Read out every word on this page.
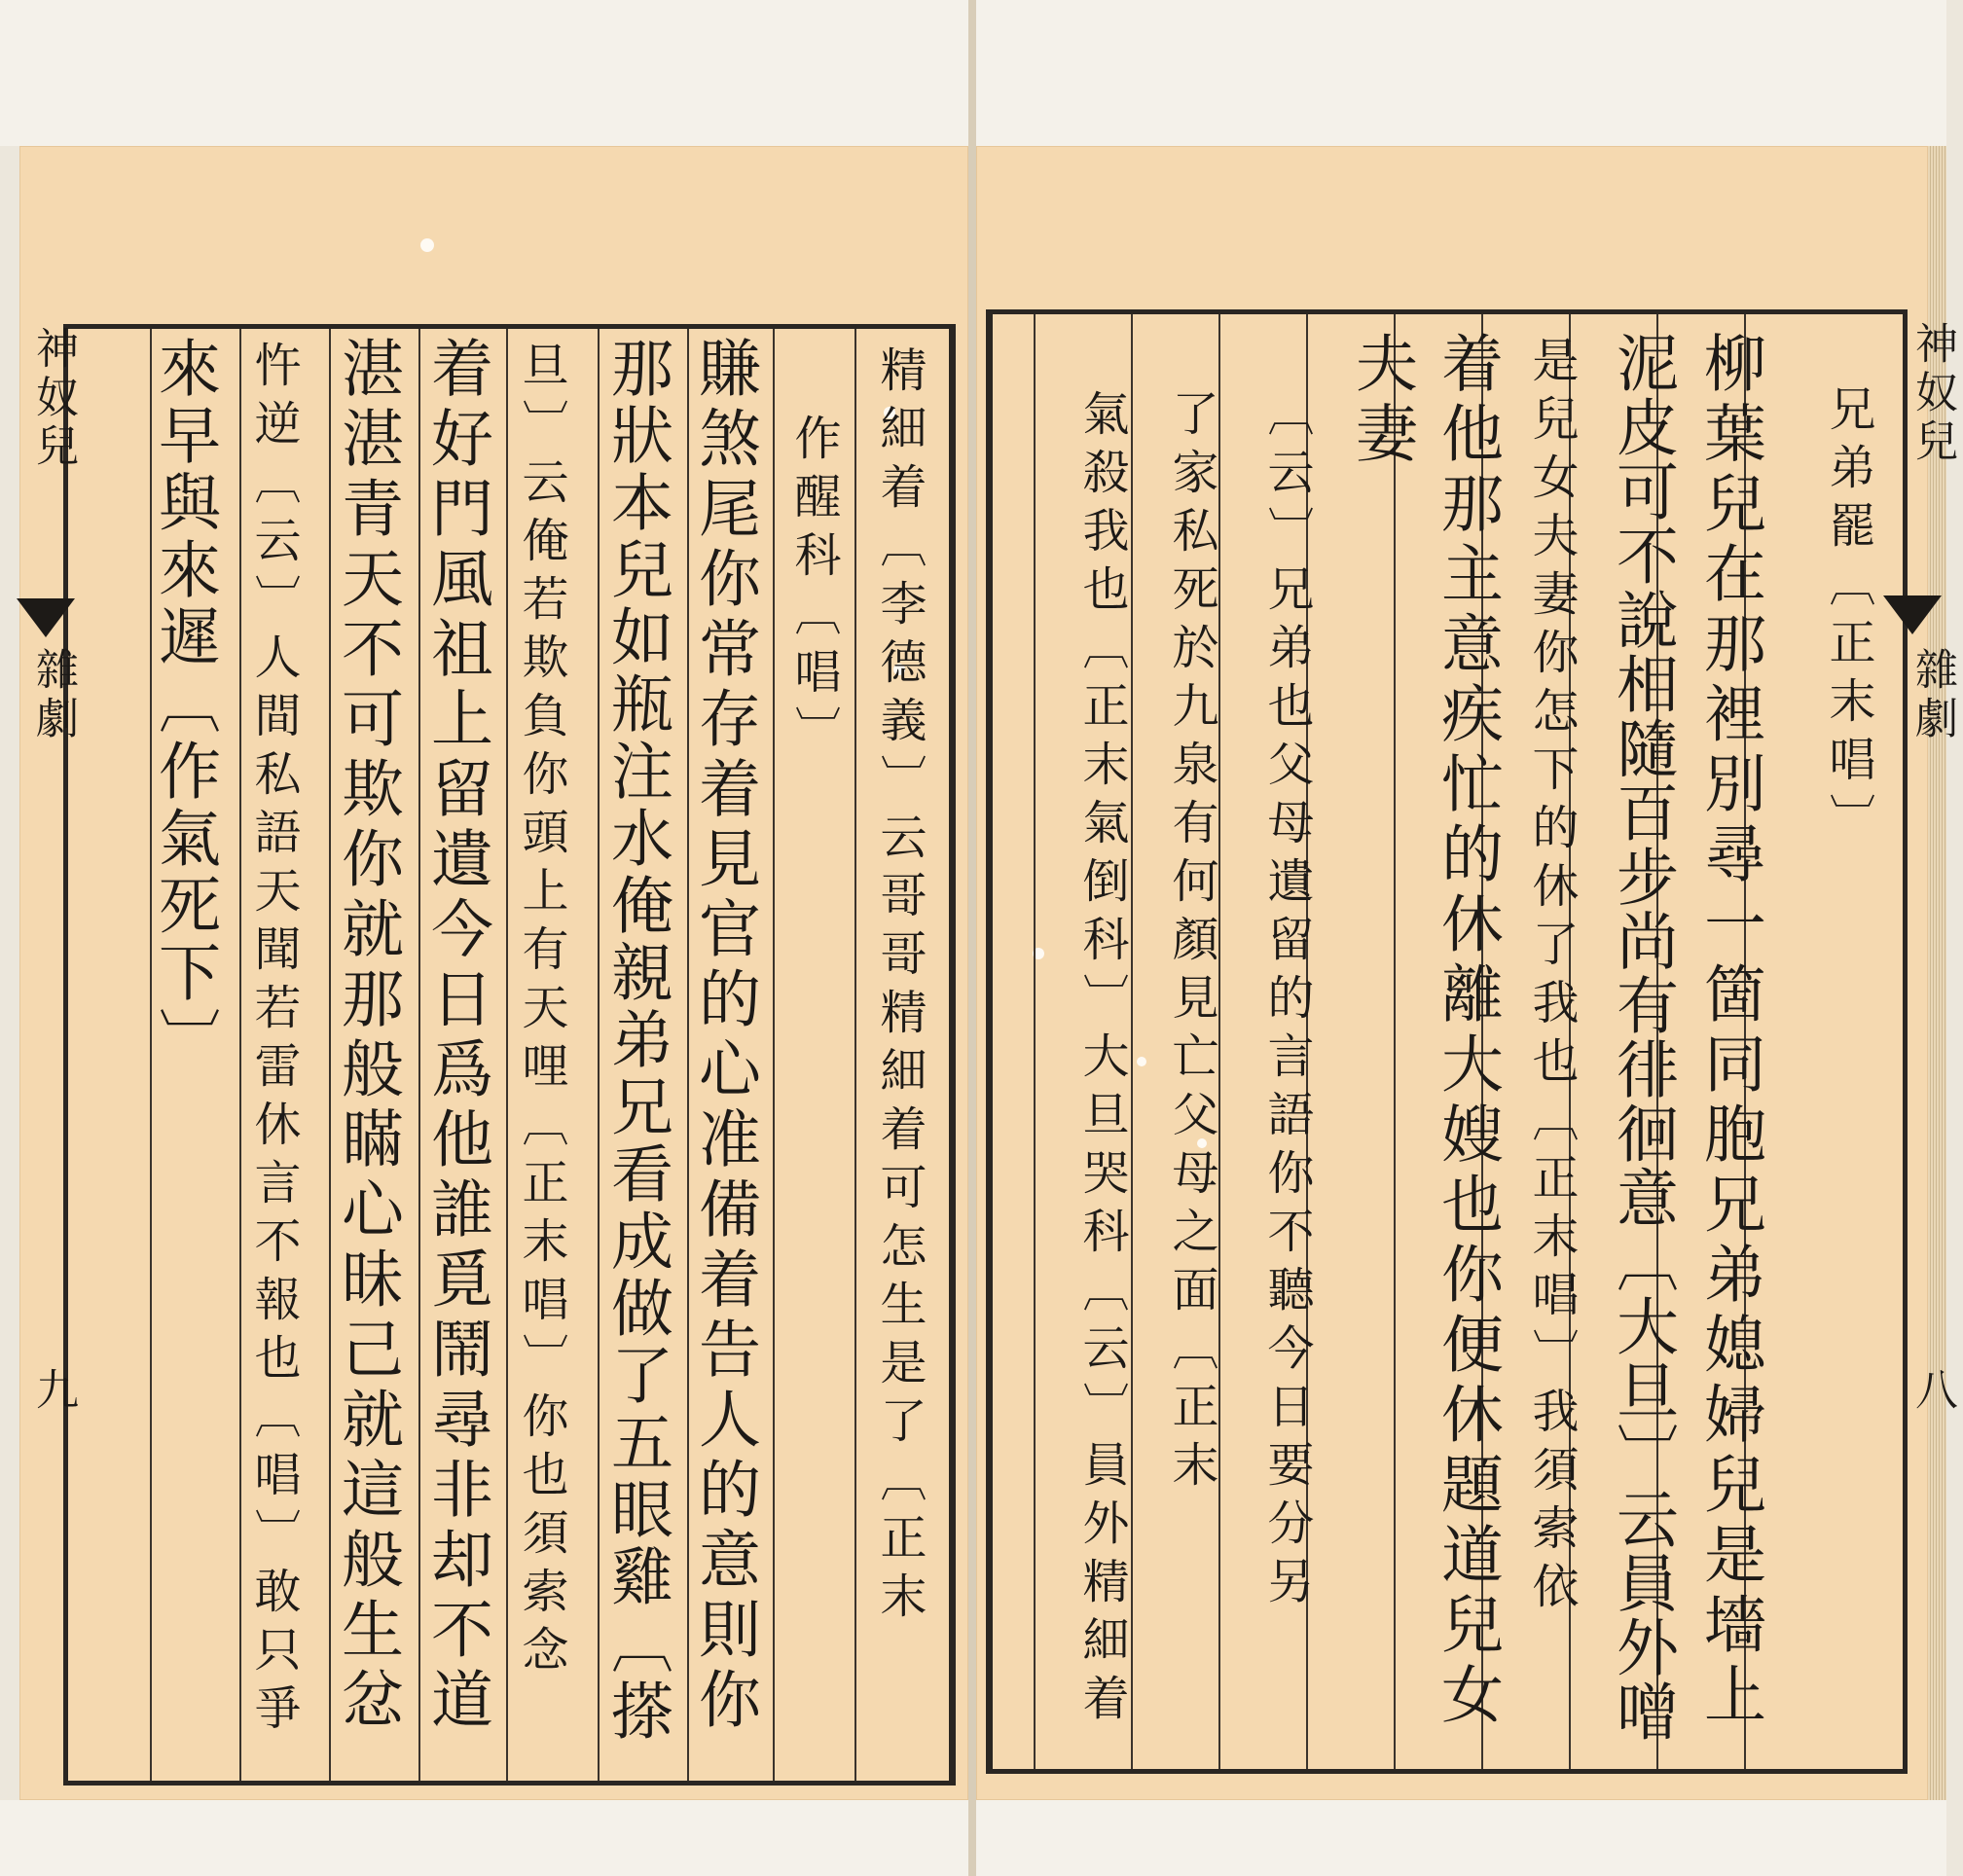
精細着〔李德義〕云哥哥精細着可怎生是了〔正末
作醒科〔唱〕
賺煞尾你常存着見官的心准備着告人的意則你
那狀本兒如瓶注水俺親弟兄看成做了五眼雞〔搽
旦〕云俺若欺負你頭上有天哩〔正末唱〕你也須索念
着好門風祖上留遺今日爲他誰覓鬧尋非却不道
湛湛青天不可欺你就那般瞞心昧己就這般生忿
忤逆〔云〕人間私語天聞若雷休言不報也〔唱〕敢只爭
來早與來遲〔作氣死下〕
神奴兒
雜劇
九
兄弟罷〔正末唱〕
柳葉兒在那裡別尋一箇同胞兄弟媳婦兒是墻上
泥皮可不說相隨百步尚有徘徊意〔大旦〕云員外噌
是兒女夫妻你怎下的休了我也〔正末唱〕我須索依
着他那主意疾忙的休離大嫂也你便休題道兒女
夫妻
〔云〕兄弟也父母遺留的言語你不聽今日要分另
了家私死於九泉有何顏見亡父母之面〔正末
氣殺我也〔正末氣倒科〕大旦哭科〔云〕員外精細着	神奴兒
雜劇
八
